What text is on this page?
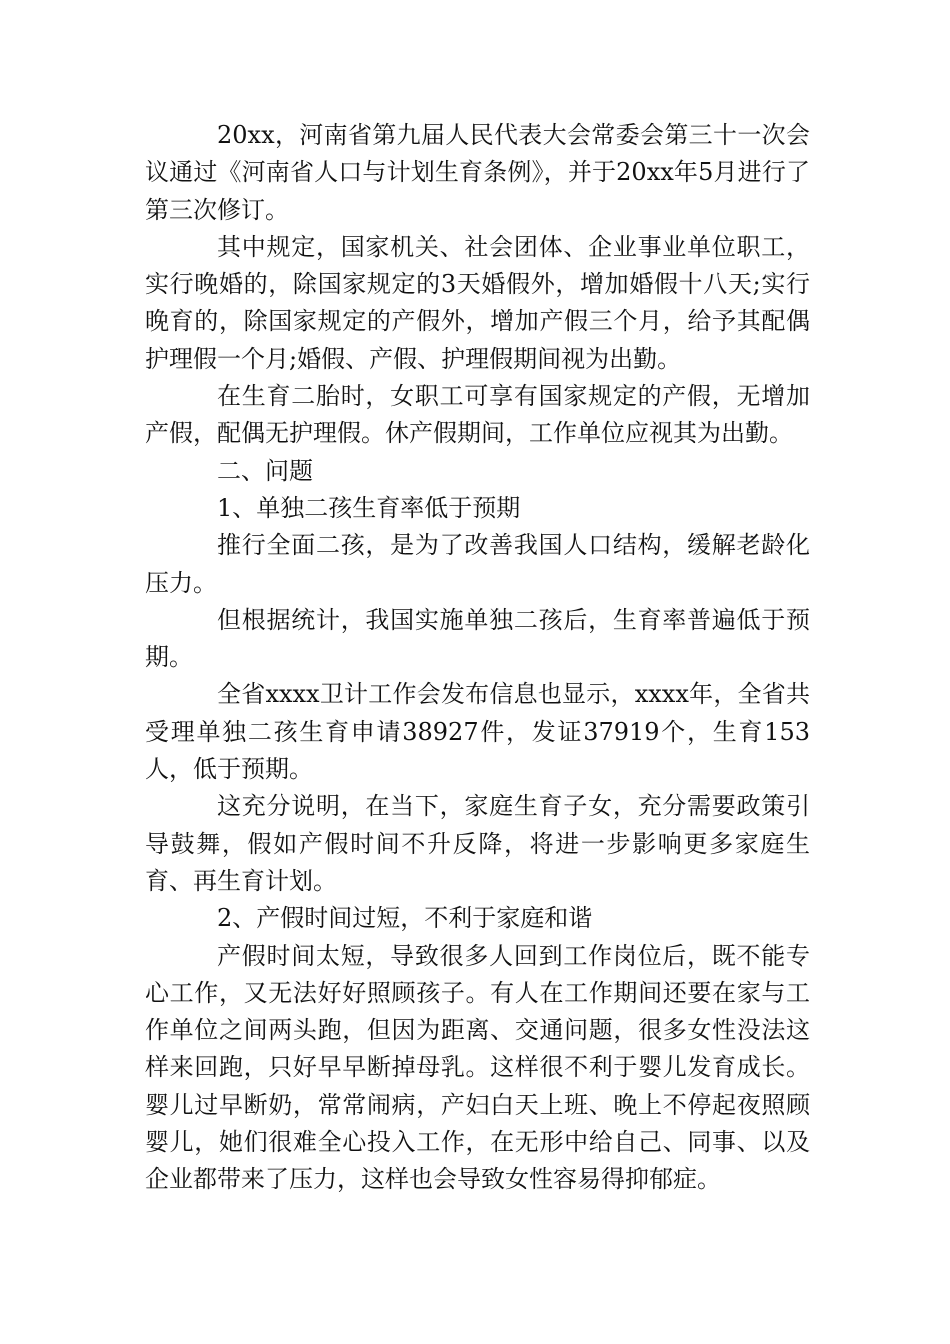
20xx，河南省第九届人民代表大会常委会第三十一次会议通过《河南省人口与计划生育条例》，并于20xx年5月进行了第三次修订。

其中规定，国家机关、社会团体、企业事业单位职工，实行晚婚的，除国家规定的3天婚假外，增加婚假十八天;实行晚育的，除国家规定的产假外，增加产假三个月，给予其配偶护理假一个月;婚假、产假、护理假期间视为出勤。

在生育二胎时，女职工可享有国家规定的产假，无增加产假，配偶无护理假。休产假期间，工作单位应视其为出勤。

二、问题

1、单独二孩生育率低于预期

推行全面二孩，是为了改善我国人口结构，缓解老龄化压力。

但根据统计，我国实施单独二孩后，生育率普遍低于预期。

全省xxxx卫计工作会发布信息也显示，xxxx年，全省共受理单独二孩生育申请38927件，发证37919个，生育153人，低于预期。

这充分说明，在当下，家庭生育子女，充分需要政策引导鼓舞，假如产假时间不升反降，将进一步影响更多家庭生育、再生育计划。

2、产假时间过短，不利于家庭和谐

产假时间太短，导致很多人回到工作岗位后，既不能专心工作，又无法好好照顾孩子。有人在工作期间还要在家与工作单位之间两头跑，但因为距离、交通问题，很多女性没法这样来回跑，只好早早断掉母乳。这样很不利于婴儿发育成长。婴儿过早断奶，常常闹病，产妇白天上班、晚上不停起夜照顾婴儿，她们很难全心投入工作，在无形中给自己、同事、以及企业都带来了压力，这样也会导致女性容易得抑郁症。
